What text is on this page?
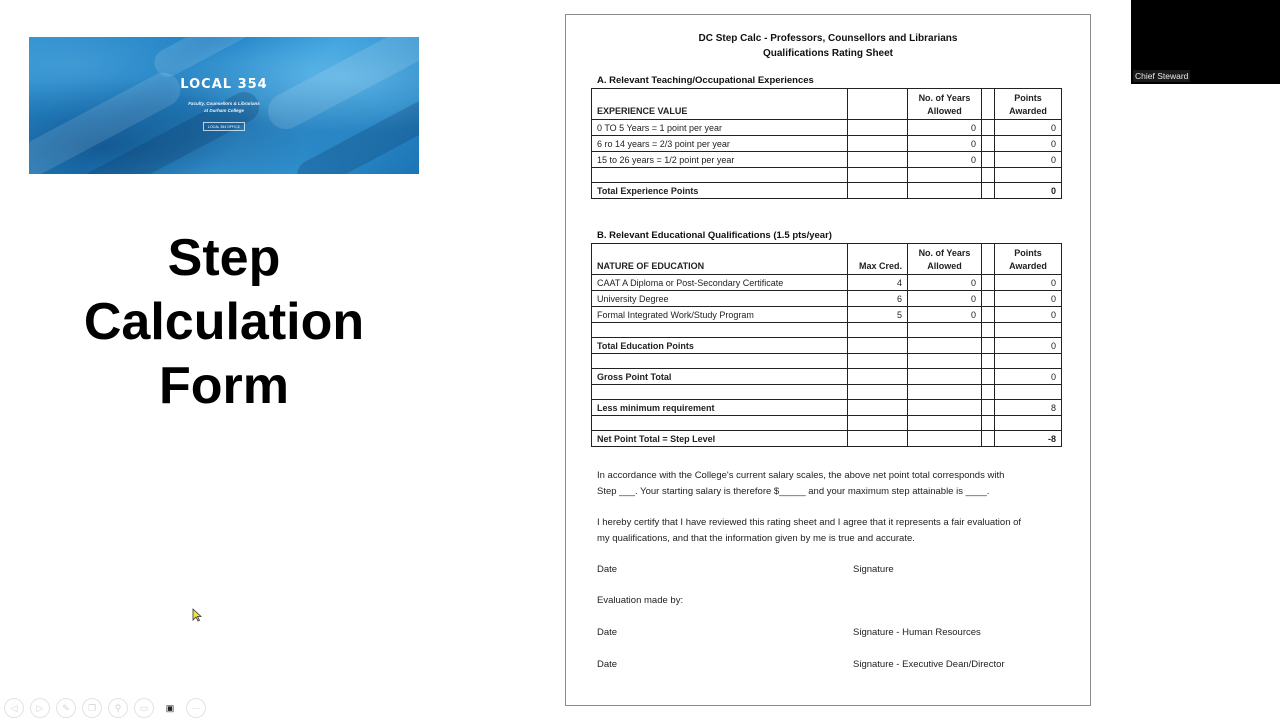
LOCAL 354
Faculty, Counsellors & Librarians
at Durham College
LOCAL 354 OFFICE
Step
Calculation
Form
◁	▷	✎	❐	⚲	▭	▣	⋯
DC Step Calc - Professors, Counsellors and Librarians
Qualifications Rating Sheet
A. Relevant Teaching/Occupational Experiences
EXPERIENCE VALUE		No. of Years Allowed		Points Awarded
0 TO 5 Years = 1 point per year		0		0
6 ro 14 years = 2/3 point per year		0		0
15 to 26 years = 1/2 point per year		0		0

Total Experience Points				0
B. Relevant Educational Qualifications (1.5 pts/year)
NATURE OF EDUCATION	Max Cred.	No. of Years Allowed		Points Awarded
CAAT A Diploma or Post-Secondary Certificate	4	0		0
University Degree	6	0		0
Formal Integrated Work/Study Program	5	0		0

Total Education Points				0

Gross Point Total				0

Less minimum requirement				8

Net Point Total = Step Level				-8
In accordance with the College's current salary scales, the above net point total corresponds with
Step ___. Your starting salary is therefore $_____ and your maximum step attainable is ____.
I hereby certify that I have reviewed this rating sheet and I agree that it represents a fair evaluation of
my qualifications, and that the information given by me is true and accurate.
Date	Signature
Evaluation made by:
Date	Signature - Human Resources
Date	Signature - Executive Dean/Director
Chief Steward
